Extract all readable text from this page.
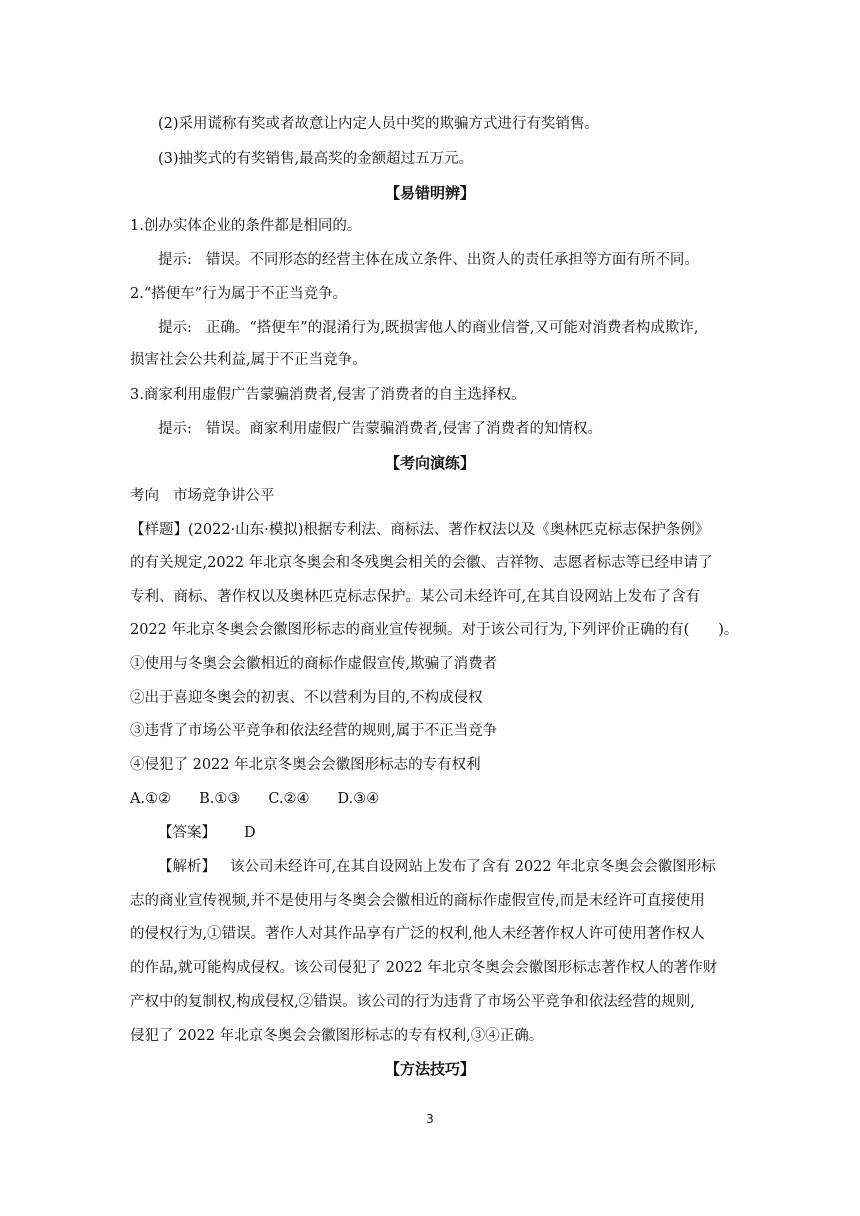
(2)采用谎称有奖或者故意让内定人员中奖的欺骗方式进行有奖销售。
(3)抽奖式的有奖销售,最高奖的金额超过五万元。
【易错明辨】
1.创办实体企业的条件都是相同的。
提示: 错误。不同形态的经营主体在成立条件、出资人的责任承担等方面有所不同。
2.“搭便车”行为属于不正当竞争。
提示: 正确。“搭便车”的混淆行为,既损害他人的商业信誉,又可能对消费者构成欺诈,
损害社会公共利益,属于不正当竞争。
3.商家利用虚假广告蒙骗消费者,侵害了消费者的自主选择权。
提示: 错误。商家利用虚假广告蒙骗消费者,侵害了消费者的知情权。
【考向演练】
考向 市场竞争讲公平
【样题】(2022·山东·模拟)根据专利法、商标法、著作权法以及《奥林匹克标志保护条例》
的有关规定,2022 年北京冬奥会和冬残奥会相关的会徽、吉祥物、志愿者标志等已经申请了
专利、商标、著作权以及奥林匹克标志保护。某公司未经许可,在其自设网站上发布了含有
2022 年北京冬奥会会徽图形标志的商业宣传视频。对于该公司行为,下列评价正确的有(　　)。
①使用与冬奥会会徽相近的商标作虚假宣传,欺骗了消费者
②出于喜迎冬奥会的初衷、不以营利为目的,不构成侵权
③违背了市场公平竞争和依法经营的规则,属于不正当竞争
④侵犯了 2022 年北京冬奥会会徽图形标志的专有权利
A.①② B.①③ C.②④ D.③④
【答案】 D
【解析】 该公司未经许可,在其自设网站上发布了含有 2022 年北京冬奥会会徽图形标
志的商业宣传视频,并不是使用与冬奥会会徽相近的商标作虚假宣传,而是未经许可直接使用
的侵权行为,①错误。著作人对其作品享有广泛的权利,他人未经著作权人许可使用著作权人
的作品,就可能构成侵权。该公司侵犯了 2022 年北京冬奥会会徽图形标志著作权人的著作财
产权中的复制权,构成侵权,②错误。该公司的行为违背了市场公平竞争和依法经营的规则,
侵犯了 2022 年北京冬奥会会徽图形标志的专有权利,③④正确。
【方法技巧】
3
